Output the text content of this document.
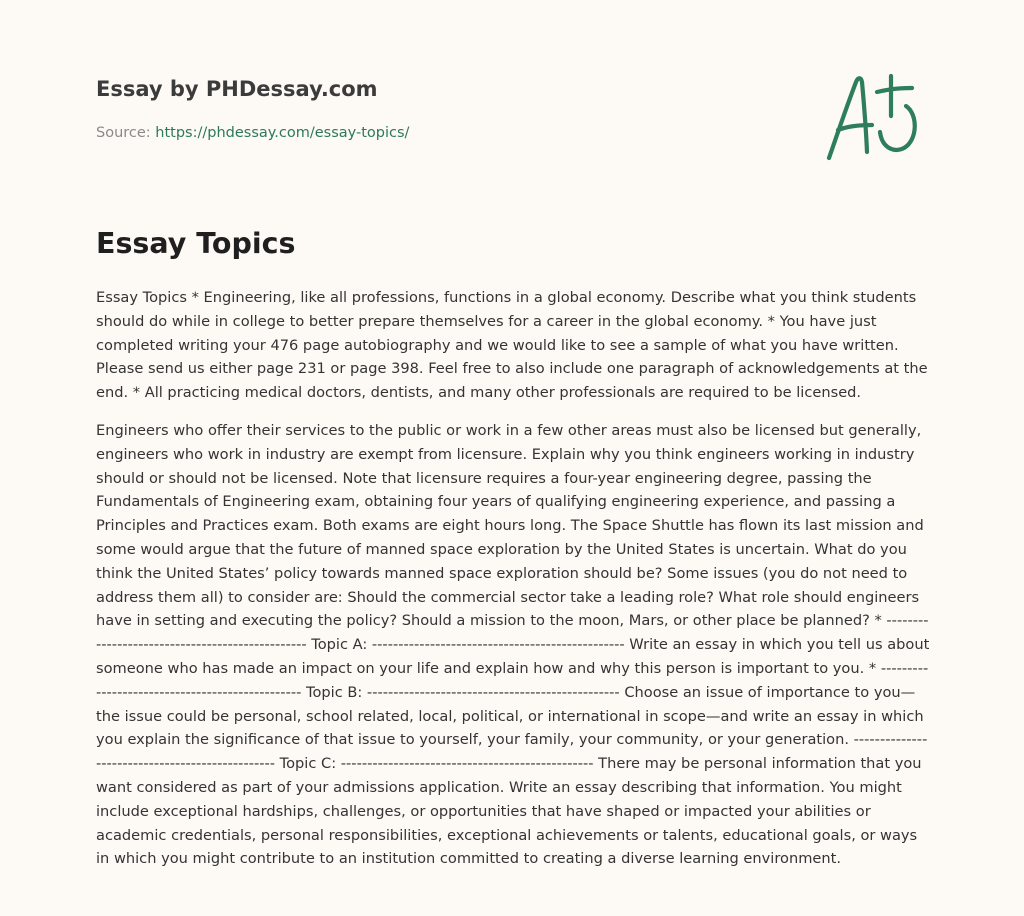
Essay by PHDessay.com
Source: https://phdessay.com/essay-topics/
Essay Topics

Essay Topics * Engineering, like all professions, functions in a global economy. Describe what you think students should do while in college to better prepare themselves for a career in the global economy. * You have just completed writing your 476 page autobiography and we would like to see a sample of what you have written. Please send us either page 231 or page 398. Feel free to also include one paragraph of acknowledgements at the end. * All practicing medical doctors, dentists, and many other professionals are required to be licensed.

Engineers who offer their services to the public or work in a few other areas must also be licensed but generally, engineers who work in industry are exempt from licensure. Explain why you think engineers working in industry should or should not be licensed. Note that licensure requires a four-year engineering degree, passing the Fundamentals of Engineering exam, obtaining four years of qualifying engineering experience, and passing a Principles and Practices exam. Both exams are eight hours long. The Space Shuttle has flown its last mission and some would argue that the future of manned space exploration by the United States is uncertain. What do you think the United States’ policy towards manned space exploration should be? Some issues (you do not need to address them all) to consider are: Should the commercial sector take a leading role? What role should engineers have in setting and executing the policy? Should a mission to the moon, Mars, or other place be planned? * ------------------------------------------------ Topic A: ------------------------------------------------ Write an essay in which you tell us about someone who has made an impact on your life and explain how and why this person is important to you. * ------------------------------------------------ Topic B: ------------------------------------------------ Choose an issue of importance to you—the issue could be personal, school related, local, political, or international in scope—and write an essay in which you explain the significance of that issue to yourself, your family, your community, or your generation. ------------------------------------------------ Topic C: ------------------------------------------------ There may be personal information that you want considered as part of your admissions application. Write an essay describing that information. You might include exceptional hardships, challenges, or opportunities that have shaped or impacted your abilities or academic credentials, personal responsibilities, exceptional achievements or talents, educational goals, or ways in which you might contribute to an institution committed to creating a diverse learning environment.
